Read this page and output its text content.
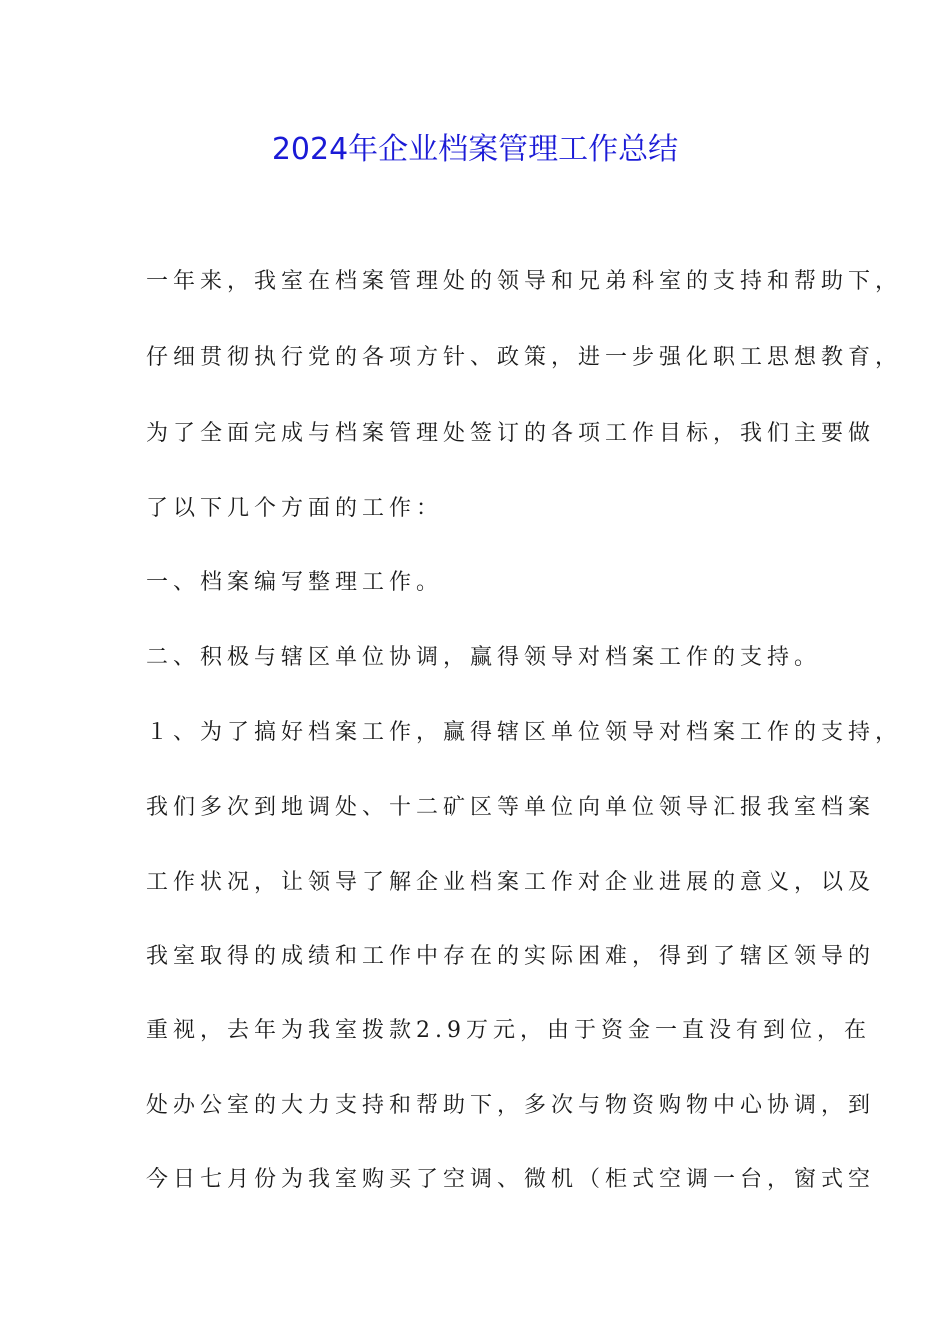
2024年企业档案管理工作总结
一年来，我室在档案管理处的领导和兄弟科室的支持和帮助下，
仔细贯彻执行党的各项方针、政策，进一步强化职工思想教育，
为了全面完成与档案管理处签订的各项工作目标，我们主要做
了以下几个方面的工作：
一、档案编写整理工作。
二、积极与辖区单位协调，赢得领导对档案工作的支持。
１、为了搞好档案工作，赢得辖区单位领导对档案工作的支持，
我们多次到地调处、十二矿区等单位向单位领导汇报我室档案
工作状况，让领导了解企业档案工作对企业进展的意义，以及
我室取得的成绩和工作中存在的实际困难，得到了辖区领导的
重视，去年为我室拨款2.9万元，由于资金一直没有到位，在
处办公室的大力支持和帮助下，多次与物资购物中心协调，到
今日七月份为我室购买了空调、微机（柜式空调一台，窗式空
